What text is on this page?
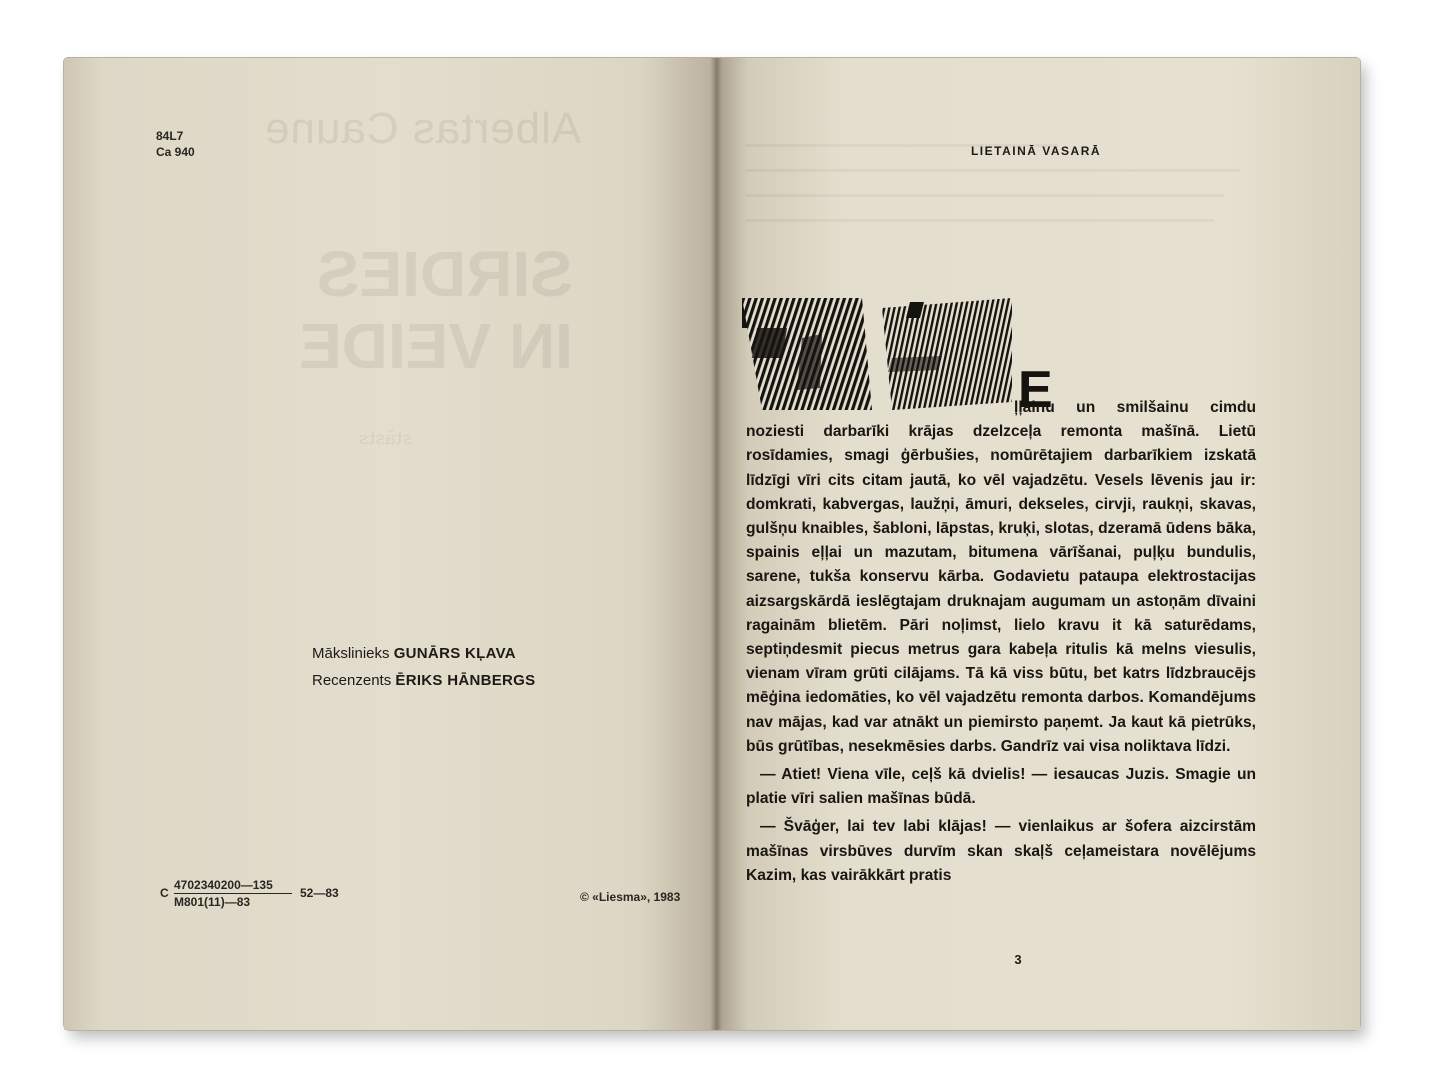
Albertas Caune
SIRDIES
IN VEIDE
stāsts
84L7
Ca 940
Mākslinieks GUNĀRS KĻAVA
Recenzents ĒRIKS HĀNBERGS
C $\frac{4702340200—135}{M801(11)—83}$ 52—83	© «Liesma», 1983
LIETAINĀ VASARĀ
E

ļļainu un smilšainu cimdu noziesti darbarīki krājas dzelzceļa remonta mašīnā. Lietū rosīdamies, smagi ģērbušies, nomūrētajiem darbarīkiem izskatā līdzīgi vīri cits citam jautā, ko vēl vajadzētu. Vesels lēvenis jau ir: domkrati, kabvergas, laužņi, āmuri, dekseles, cirvji, raukņi, skavas, gulšņu knaibles, šabloni, lāpstas, kruķi, slotas, dzeramā ūdens bāka, spainis eļļai un mazutam, bitumena vārīšanai, puļķu bundulis, sarene, tukša konservu kārba. Godavietu pataupa elektrostacijas aizsargskārdā ieslēgtajam druknajam augumam un astoņām dīvaini ragainām blietēm. Pāri noļimst, lielo kravu it kā saturēdams, septiņdesmit piecus metrus gara kabeļa ritulis kā melns viesulis, vienam vīram grūti cilājams. Tā kā viss būtu, bet katrs līdzbraucējs mēģina iedomāties, ko vēl vajadzētu remonta darbos. Komandējums nav mājas, kad var atnākt un piemirsto paņemt. Ja kaut kā pietrūks, būs grūtības, nesekmēsies darbs. Gandrīz vai visa noliktava līdzi.

— Atiet! Viena vīle, ceļš kā dvielis! — iesaucas Juzis. Smagie un platie vīri salien mašīnas būdā.

— Švāģer, lai tev labi klājas! — vienlaikus ar šofera aizcirstām mašīnas virsbūves durvīm skan skaļš ceļameistara novēlējums Kazim, kas vairākkārt pratis

3
